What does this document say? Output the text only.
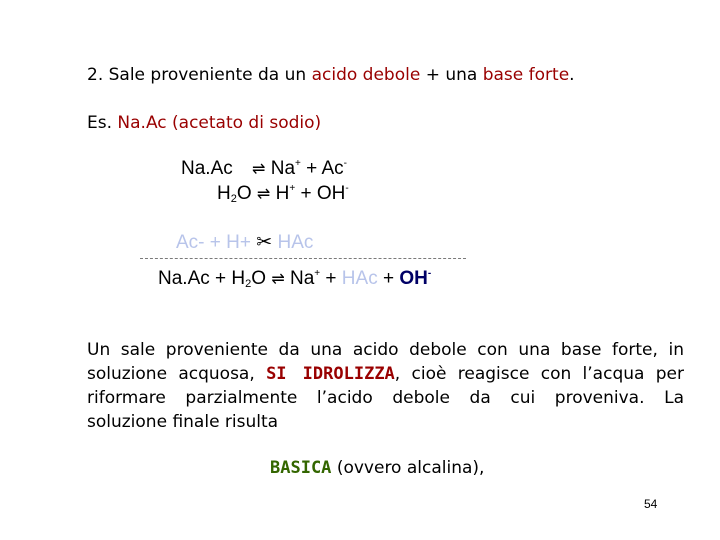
2. Sale proveniente da un acido debole + una base forte.
Es. Na.Ac (acetato di sodio)
Na.Ac ⇌ Na+ + Ac-
$H_2O$ ⇌ H+ + OH-
Ac- + H+ ✂ HAc
$Na.Ac + H_2O$ ⇌ Na+ + HAc + OH-
Un sale proveniente da una acido debole con una base forte, in
soluzione acquosa, SI IDROLIZZA, cioè reagisce con l’acqua per
riformare parzialmente l’acido debole da cui proveniva. La
soluzione finale risulta
BASICA (ovvero alcalina),
54
